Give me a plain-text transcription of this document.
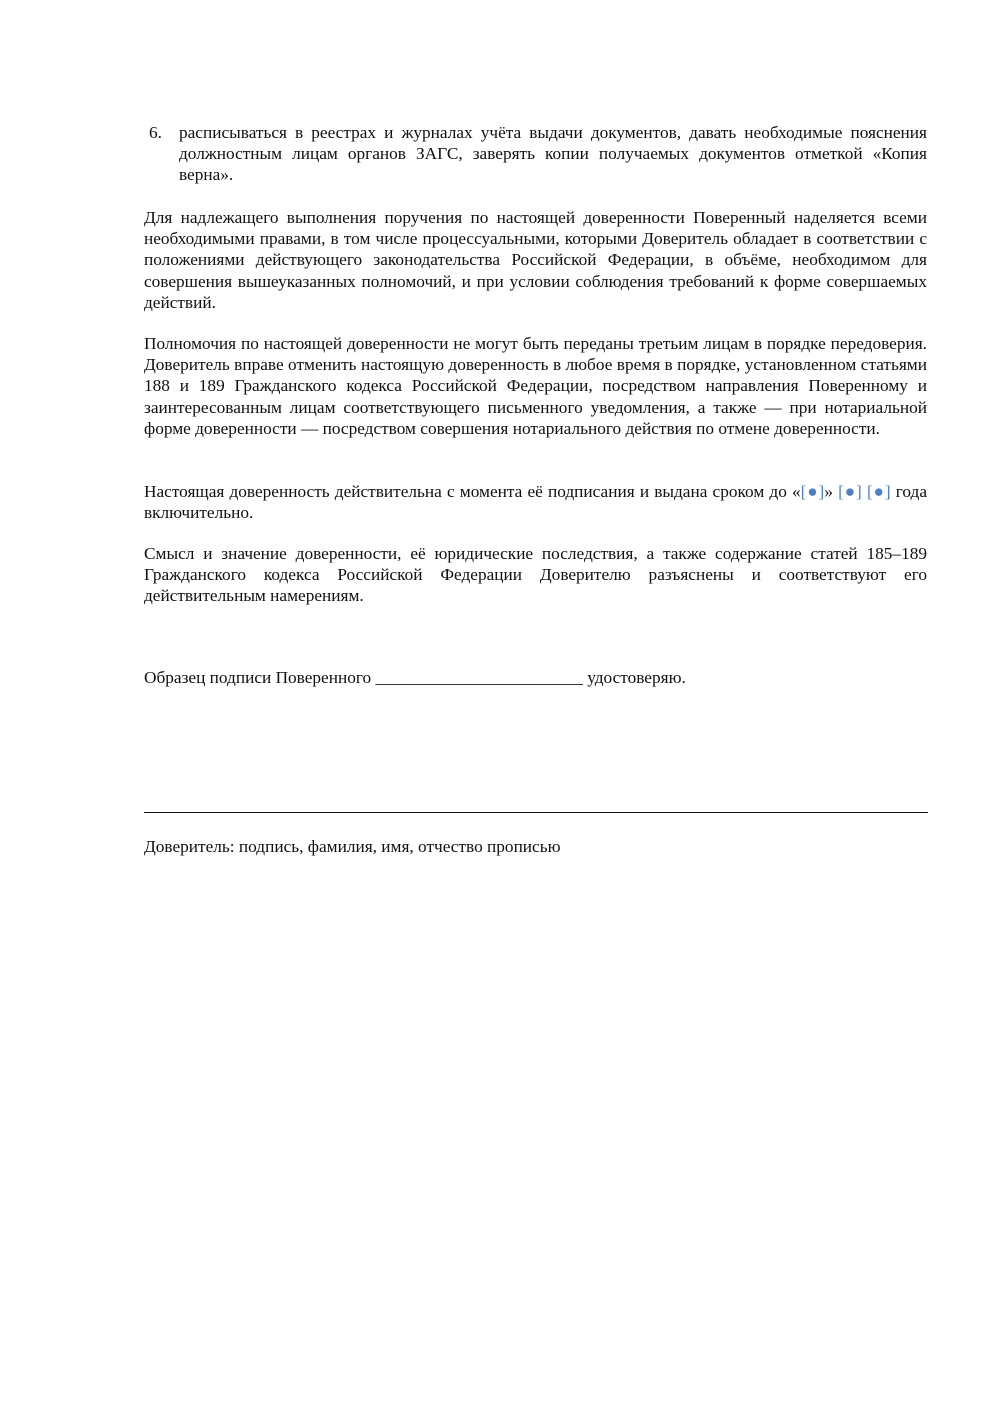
6. расписываться в реестрах и журналах учёта выдачи документов, давать необходимые пояснения должностным лицам органов ЗАГС, заверять копии получаемых документов отметкой «Копия верна».

Для надлежащего выполнения поручения по настоящей доверенности Поверенный наделяется всеми необходимыми правами, в том числе процессуальными, которыми Доверитель обладает в соответствии с положениями действующего законодательства Российской Федерации, в объёме, необходимом для совершения вышеуказанных полномочий, и при условии соблюдения требований к форме совершаемых действий.

Полномочия по настоящей доверенности не могут быть переданы третьим лицам в порядке передоверия. Доверитель вправе отменить настоящую доверенность в любое время в порядке, установленном статьями 188 и 189 Гражданского кодекса Российской Федерации, посредством направления Поверенному и заинтересованным лицам соответствующего письменного уведомления, а также — при нотариальной форме доверенности — посредством совершения нотариального действия по отмене доверенности.

Настоящая доверенность действительна с момента её подписания и выдана сроком до «[●]» [●] [●] года включительно.

Смысл и значение доверенности, её юридические последствия, а также содержание статей 185–189 Гражданского кодекса Российской Федерации Доверителю разъяснены и соответствуют его действительным намерениям.

Образец подписи Поверенного ________________________ удостоверяю.

Доверитель: подпись, фамилия, имя, отчество прописью
